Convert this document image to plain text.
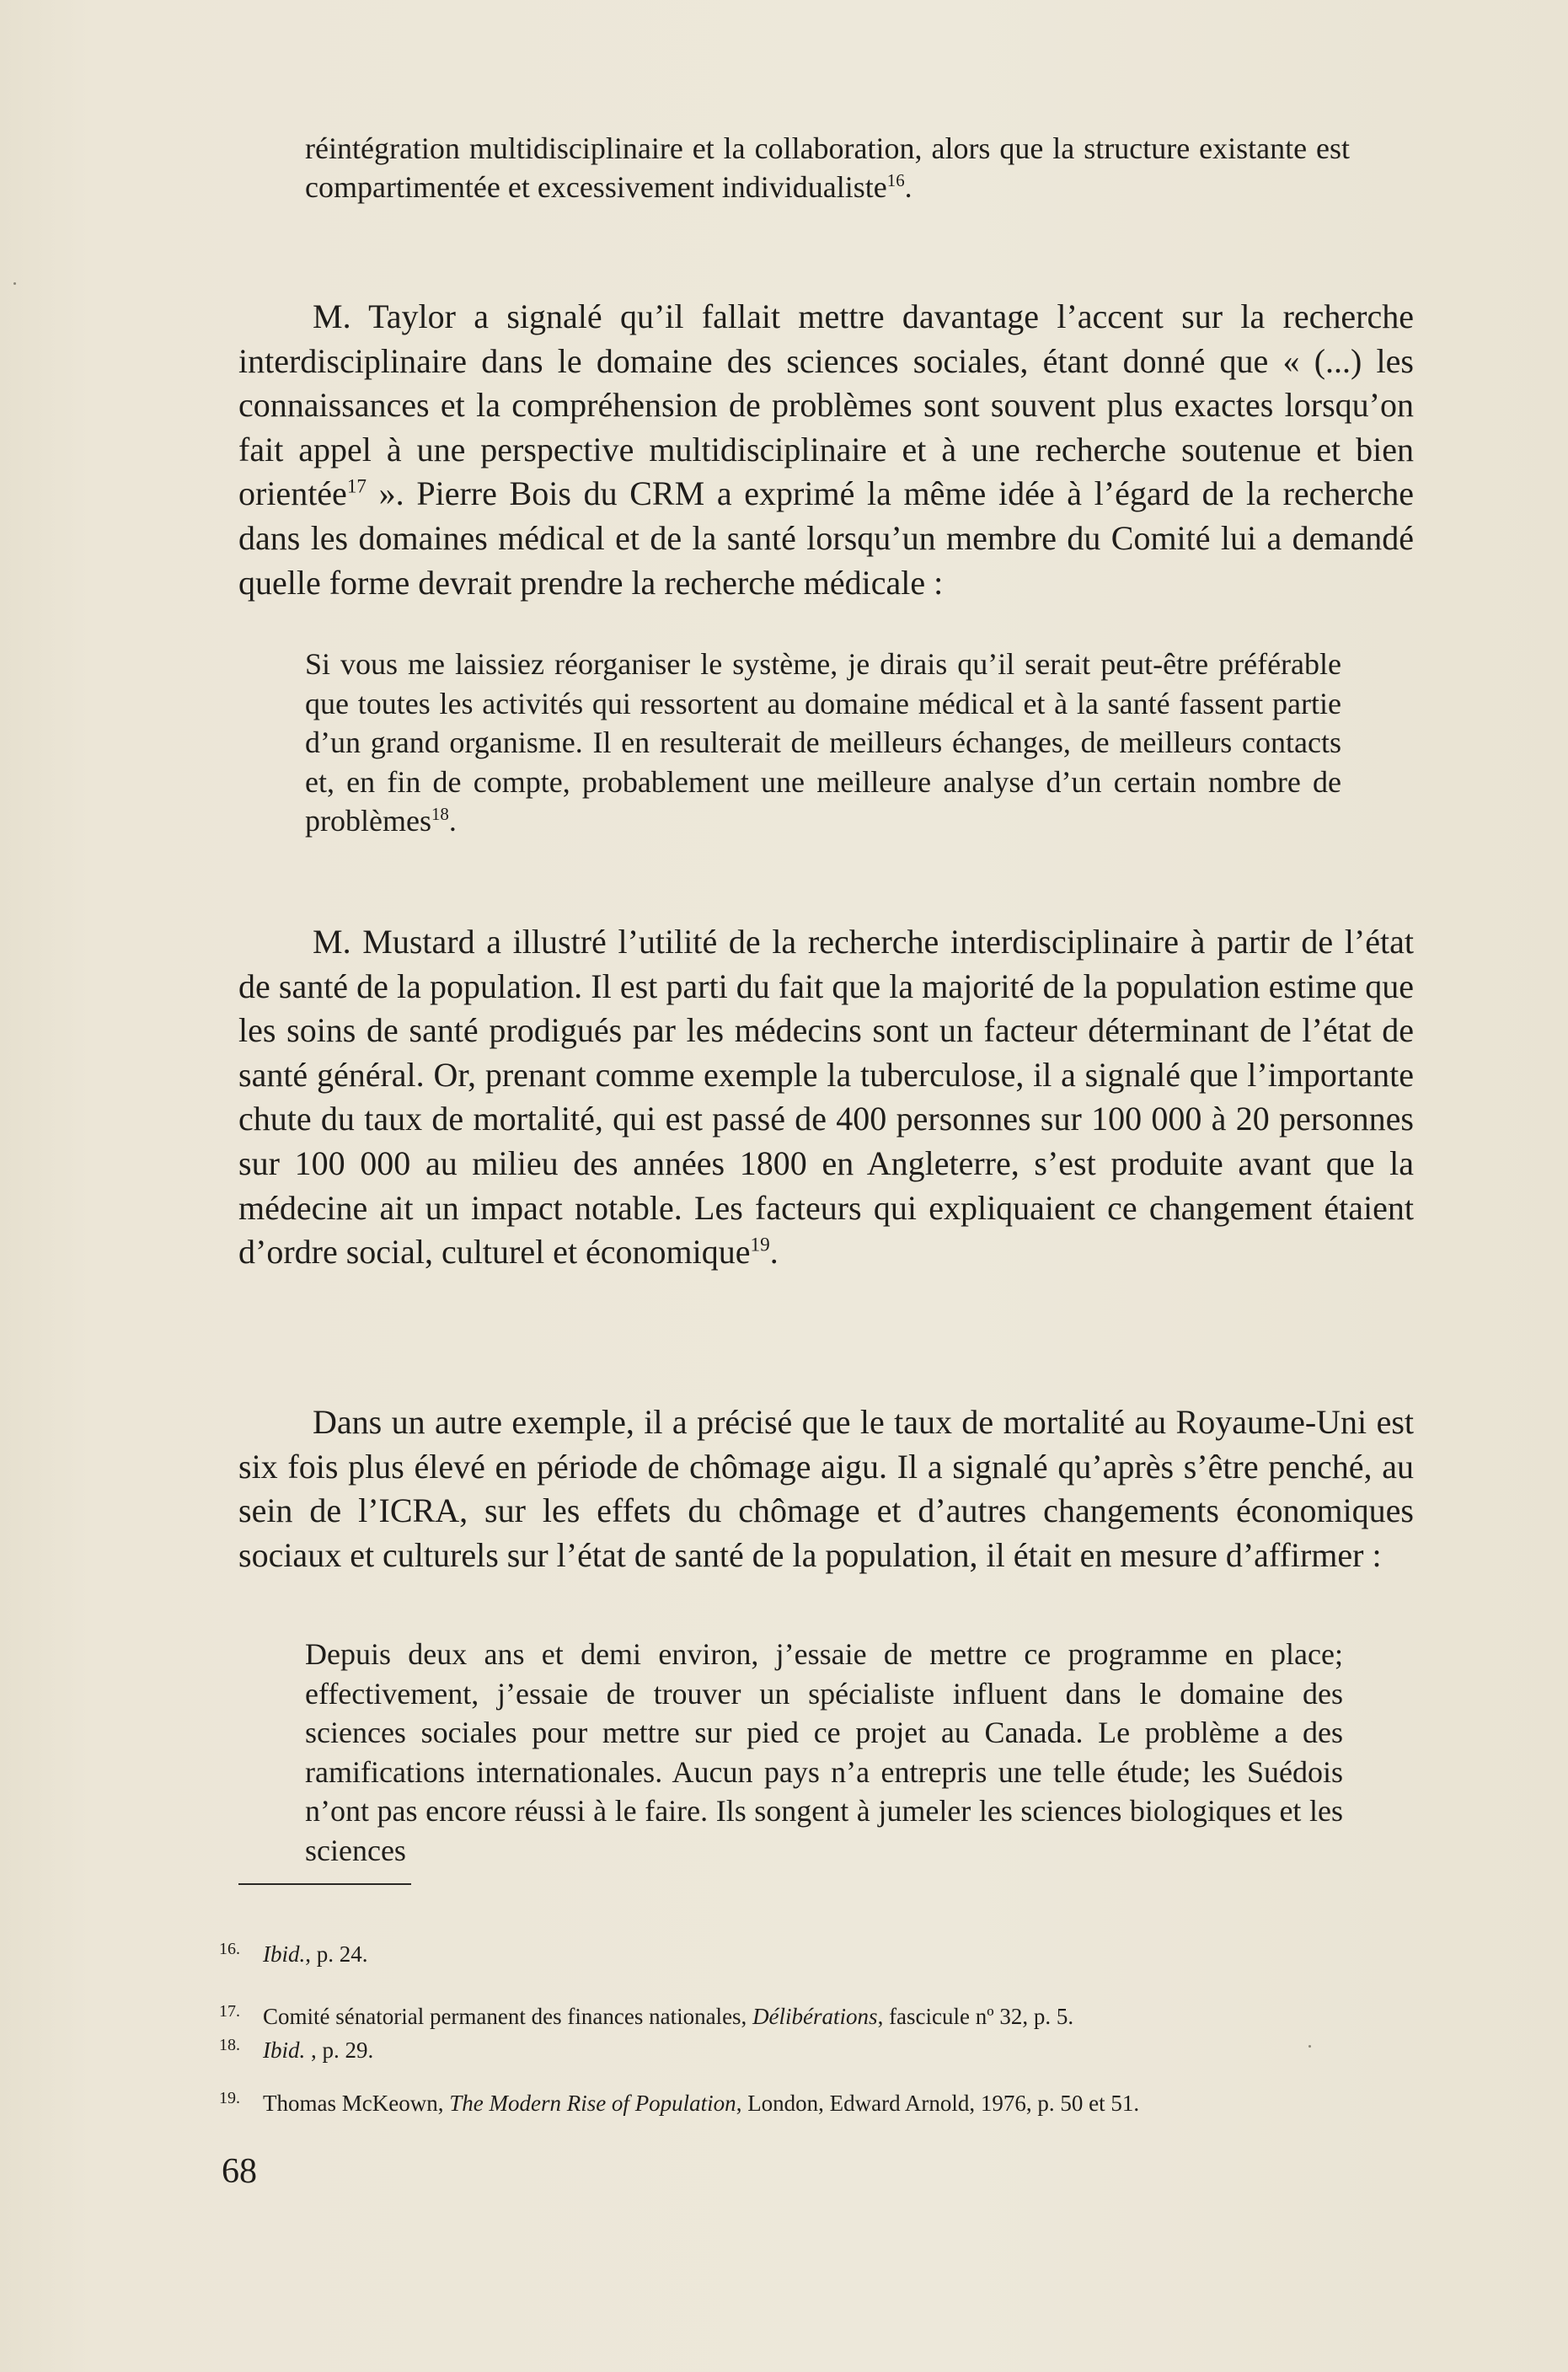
réintégration multidisciplinaire et la collaboration, alors que la structure existante est compartimentée et excessivement individualiste$^{16}$.
M. Taylor a signalé qu’il fallait mettre davantage l’accent sur la recherche interdisciplinaire dans le domaine des sciences sociales, étant donné que « (...) les connaissances et la compréhension de problèmes sont souvent plus exactes lorsqu’on fait appel à une perspective multidisciplinaire et à une recherche soutenue et bien orientée$^{17}$ ». Pierre Bois du CRM a exprimé la même idée à l’égard de la recherche dans les domaines médical et de la santé lorsqu’un membre du Comité lui a demandé quelle forme devrait prendre la recherche médicale :
Si vous me laissiez réorganiser le système, je dirais qu’il serait peut-être préférable que toutes les activités qui ressortent au domaine médical et à la santé fassent partie d’un grand organisme. Il en resulterait de meilleurs échanges, de meilleurs contacts et, en fin de compte, probablement une meilleure analyse d’un certain nombre de problèmes$^{18}$.
M. Mustard a illustré l’utilité de la recherche interdisciplinaire à partir de l’état de santé de la population. Il est parti du fait que la majorité de la population estime que les soins de santé prodigués par les médecins sont un facteur déterminant de l’état de santé général. Or, prenant comme exemple la tuberculose, il a signalé que l’importante chute du taux de mortalité, qui est passé de 400 personnes sur 100 000 à 20 personnes sur 100 000 au milieu des années 1800 en Angleterre, s’est produite avant que la médecine ait un impact notable. Les facteurs qui expliquaient ce changement étaient d’ordre social, culturel et économique$^{19}$.
Dans un autre exemple, il a précisé que le taux de mortalité au Royaume-Uni est six fois plus élevé en période de chômage aigu. Il a signalé qu’après s’être penché, au sein de l’ICRA, sur les effets du chômage et d’autres changements économiques sociaux et culturels sur l’état de santé de la population, il était en mesure d’affirmer :
Depuis deux ans et demi environ, j’essaie de mettre ce programme en place; effectivement, j’essaie de trouver un spécialiste influent dans le domaine des sciences sociales pour mettre sur pied ce projet au Canada. Le problème a des ramifications internationales. Aucun pays n’a entrepris une telle étude; les Suédois n’ont pas encore réussi à le faire. Ils songent à jumeler les sciences biologiques et les sciences
16. Ibid., p. 24.
17. Comité sénatorial permanent des finances nationales, Délibérations, fascicule nº 32, p. 5.
18. Ibid. , p. 29.
19. Thomas McKeown, The Modern Rise of Population, London, Edward Arnold, 1976, p. 50 et 51.
68
